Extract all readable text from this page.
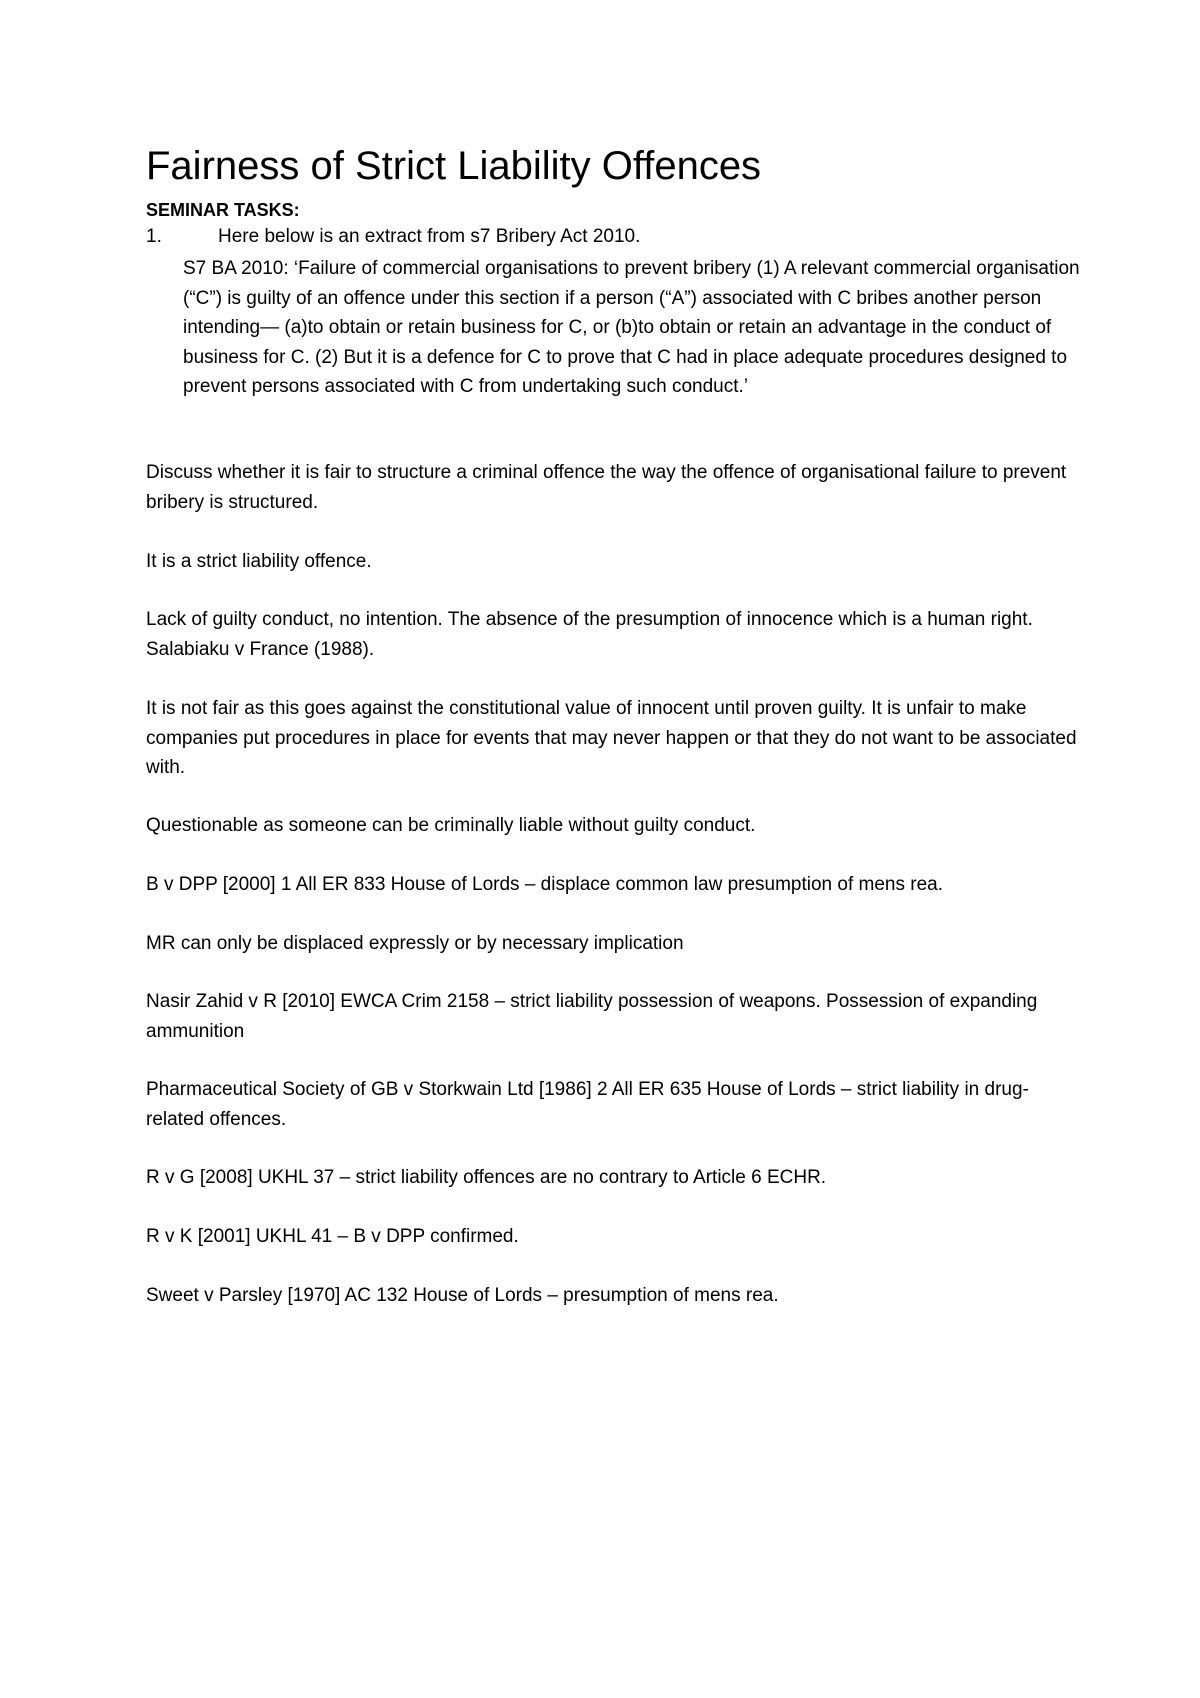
Fairness of Strict Liability Offences
SEMINAR TASKS:
1.	Here below is an extract from s7 Bribery Act 2010.
S7 BA 2010: ‘Failure of commercial organisations to prevent bribery (1) A relevant commercial organisation (“C”) is guilty of an offence under this section if a person (“A”) associated with C bribes another person intending— (a)to obtain or retain business for C, or (b)to obtain or retain an advantage in the conduct of business for C. (2) But it is a defence for C to prove that C had in place adequate procedures designed to prevent persons associated with C from undertaking such conduct.’
Discuss whether it is fair to structure a criminal offence the way the offence of organisational failure to prevent bribery is structured.
It is a strict liability offence.
Lack of guilty conduct, no intention. The absence of the presumption of innocence which is a human right. Salabiaku v France (1988).
It is not fair as this goes against the constitutional value of innocent until proven guilty. It is unfair to make companies put procedures in place for events that may never happen or that they do not want to be associated with.
Questionable as someone can be criminally liable without guilty conduct.
B v DPP [2000] 1 All ER 833 House of Lords – displace common law presumption of mens rea.
MR can only be displaced expressly or by necessary implication
Nasir Zahid v R [2010] EWCA Crim 2158 – strict liability possession of weapons. Possession of expanding ammunition
Pharmaceutical Society of GB v Storkwain Ltd [1986] 2 All ER 635 House of Lords – strict liability in drug-related offences.
R v G [2008] UKHL 37 – strict liability offences are no contrary to Article 6 ECHR.
R v K [2001] UKHL 41 – B v DPP confirmed.
Sweet v Parsley [1970] AC 132 House of Lords – presumption of mens rea.
